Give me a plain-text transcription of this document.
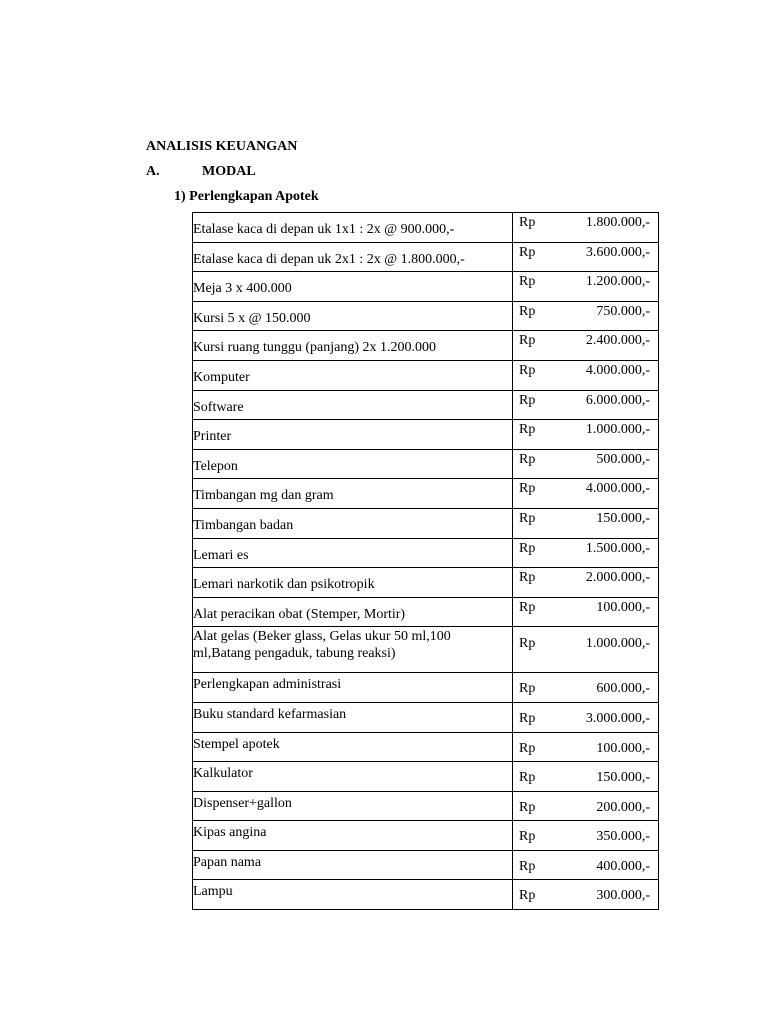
ANALISIS KEUANGAN
A.	MODAL
1) Perlengkapan Apotek
Etalase kaca di depan uk 1x1 : 2x @ 900.000,-	Rp 1.800.000,-

Etalase kaca di depan uk 2x1 : 2x @ 1.800.000,-	Rp 3.600.000,-

Meja 3 x 400.000	Rp 1.200.000,-

Kursi 5 x @ 150.000	Rp 750.000,-

Kursi ruang tunggu (panjang) 2x 1.200.000	Rp 2.400.000,-

Komputer	Rp 4.000.000,-

Software	Rp 6.000.000,-

Printer	Rp 1.000.000,-

Telepon	Rp 500.000,-

Timbangan mg dan gram	Rp 4.000.000,-

Timbangan badan	Rp 150.000,-

Lemari es	Rp 1.500.000,-

Lemari narkotik dan psikotropik	Rp 2.000.000,-

Alat peracikan obat (Stemper, Mortir)	Rp 100.000,-

Alat gelas (Beker glass, Gelas ukur 50 ml,100 ml,Batang pengaduk, tabung reaksi)	Rp 1.000.000,-

Perlengkapan administrasi	Rp 600.000,-

Buku standard kefarmasian	Rp 3.000.000,-

Stempel apotek	Rp 100.000,-

Kalkulator	Rp 150.000,-

Dispenser+gallon	Rp 200.000,-

Kipas angina	Rp 350.000,-

Papan nama	Rp 400.000,-

Lampu	Rp 300.000,-
